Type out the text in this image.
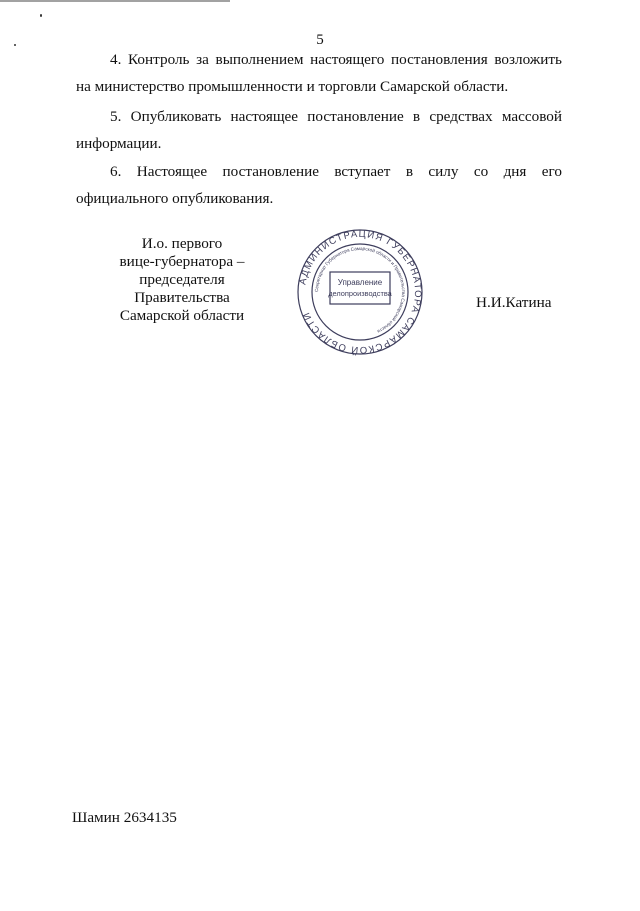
5

4. Контроль за выполнением настоящего постановления возложить на министерство промышленности и торговли Самарской области.

5. Опубликовать настоящее постановление в средствах массовой информации.

6. Настоящее постановление вступает в силу со дня его официального опубликования.

И.о. первого
вице-губернатора –
председателя Правительства
Самарской области
АДМИНИСТРАЦИЯ ГУБЕРНАТОРА САМАРСКОЙ ОБЛАСТИ
Секретариат Губернатора Самарской области и Правительства Самарской области
Управление
делопроизводства
Н.И.Катина
Шамин 2634135
